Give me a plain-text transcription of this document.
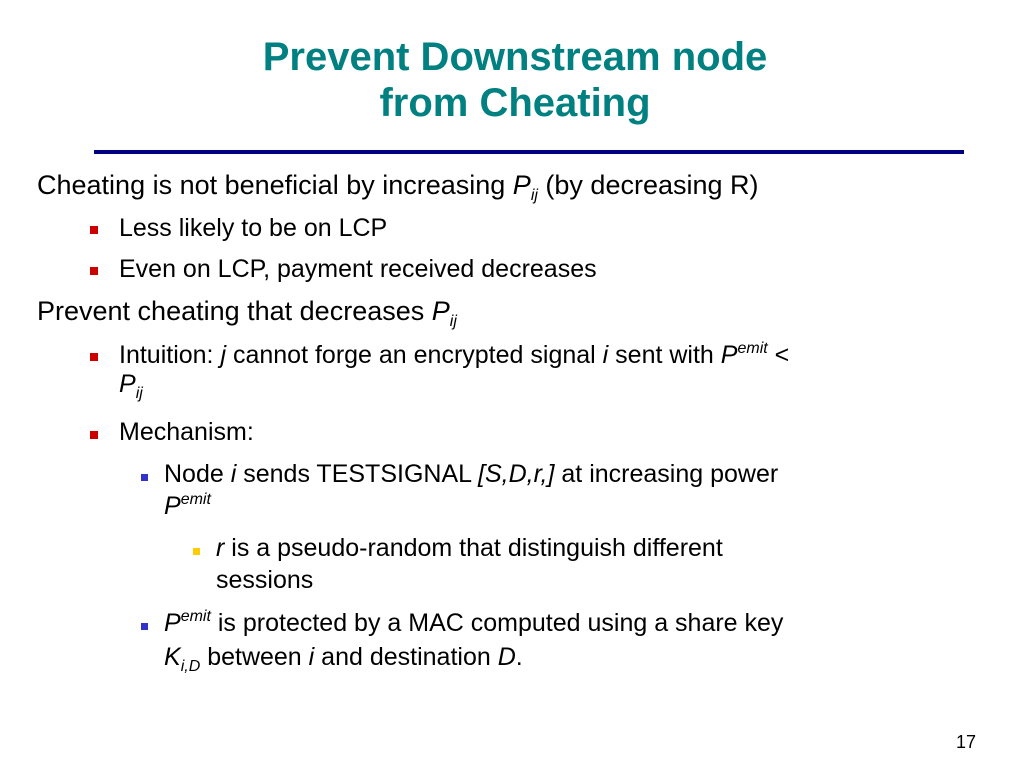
Prevent Downstream node
from Cheating

Cheating is not beneficial by increasing $P_{ij}$ (by decreasing R)

Less likely to be on LCP

Even on LCP, payment received decreases

Prevent cheating that decreases $P_{ij}$

Intuition: j cannot forge an encrypted signal i sent with $P^{emit}$ <

$P_{ij}$

Mechanism:

Node i sends TESTSIGNAL [S,D,r,] at increasing power

$P^{emit}$

r is a pseudo-random that distinguish different

sessions

$P^{emit}$ is protected by a MAC computed using a share key

$K_{i,D}$ between i and destination D.

17
